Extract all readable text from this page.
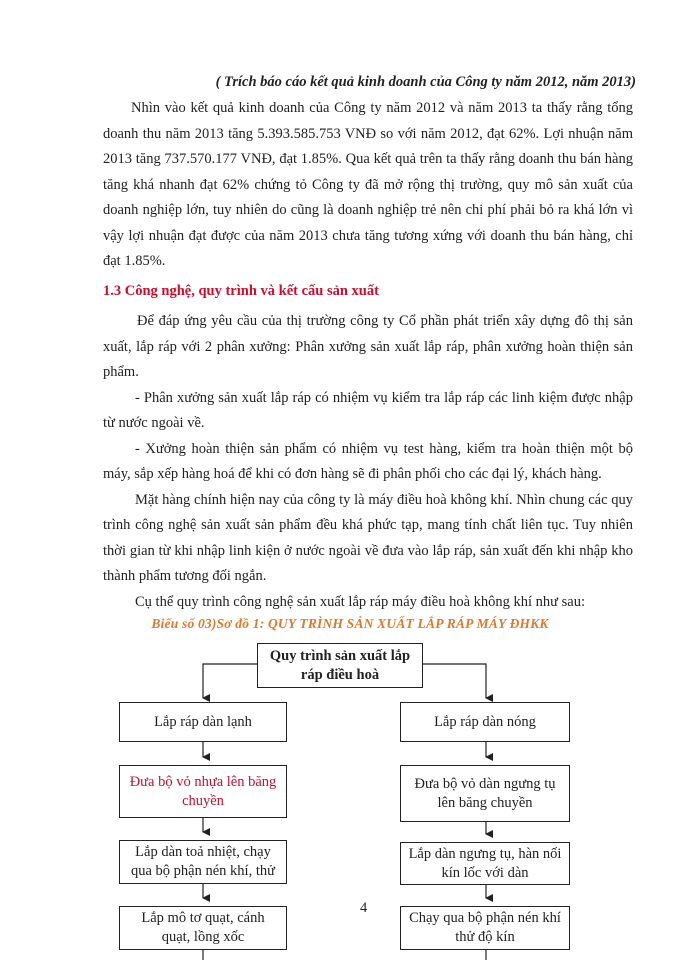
( Trích báo cáo kết quả kinh doanh của Công ty năm 2012, năm 2013)

Nhìn vào kết quả kinh doanh của Công ty năm 2012 và năm 2013 ta thấy rằng tổng doanh thu năm 2013 tăng 5.393.585.753 VNĐ so với năm 2012, đạt 62%. Lợi nhuận năm 2013 tăng 737.570.177 VNĐ, đạt 1.85%. Qua kết quả trên ta thấy rằng doanh thu bán hàng tăng khá nhanh đạt 62% chứng tỏ Công ty đã mở rộng thị trường, quy mô sản xuất của doanh nghiệp lớn, tuy nhiên do cũng là doanh nghiệp trẻ nên chi phí phải bỏ ra khá lớn vì vậy lợi nhuận đạt được của năm 2013 chưa tăng tương xứng với doanh thu bán hàng, chỉ đạt 1.85%.

1.3 Công nghệ, quy trình và kết cấu sản xuất

Để đáp ứng yêu cầu của thị trường công ty Cổ phần phát triển xây dựng đô thị sản xuất, lắp ráp với 2 phân xưởng: Phân xưởng sản xuất lắp ráp, phân xưởng hoàn thiện sản phẩm.

- Phân xưởng sản xuất lắp ráp có nhiệm vụ kiểm tra lắp ráp các linh kiệm được nhập từ nước ngoài về.

- Xưởng hoàn thiện sản phẩm có nhiệm vụ test hàng, kiểm tra hoàn thiện một bộ máy, sắp xếp hàng hoá để khi có đơn hàng sẽ đi phân phối cho các đại lý, khách hàng.

Mặt hàng chính hiện nay của công ty là máy điều hoà không khí. Nhìn chung các quy trình công nghệ sản xuất sản phẩm đều khá phức tạp, mang tính chất liên tục. Tuy nhiên thời gian từ khi nhập linh kiện ở nước ngoài về đưa vào lắp ráp, sản xuất đến khi nhập kho thành phẩm tương đối ngắn.

Cụ thể quy trình công nghệ sản xuất lắp ráp máy điều hoà không khí như sau:

Biểu số 03)Sơ đồ 1: QUY TRÌNH SẢN XUẤT LẮP RÁP MÁY ĐHKK
Quy trình sản xuất lắp ráp điều hoà
Lắp ráp dàn lạnh
Đưa bộ vỏ nhựa lên băng chuyền
Lắp dàn toả nhiệt, chạy qua bộ phận nén khí, thử
Lắp mô tơ quạt, cánh quạt, lồng xốc
Lắp ráp dàn nóng
Đưa bộ vỏ dàn ngưng tụ lên băng chuyền
Lắp dàn ngưng tụ, hàn nối kín lốc với dàn
Chạy qua bộ phận nén khí thử độ kín
4
